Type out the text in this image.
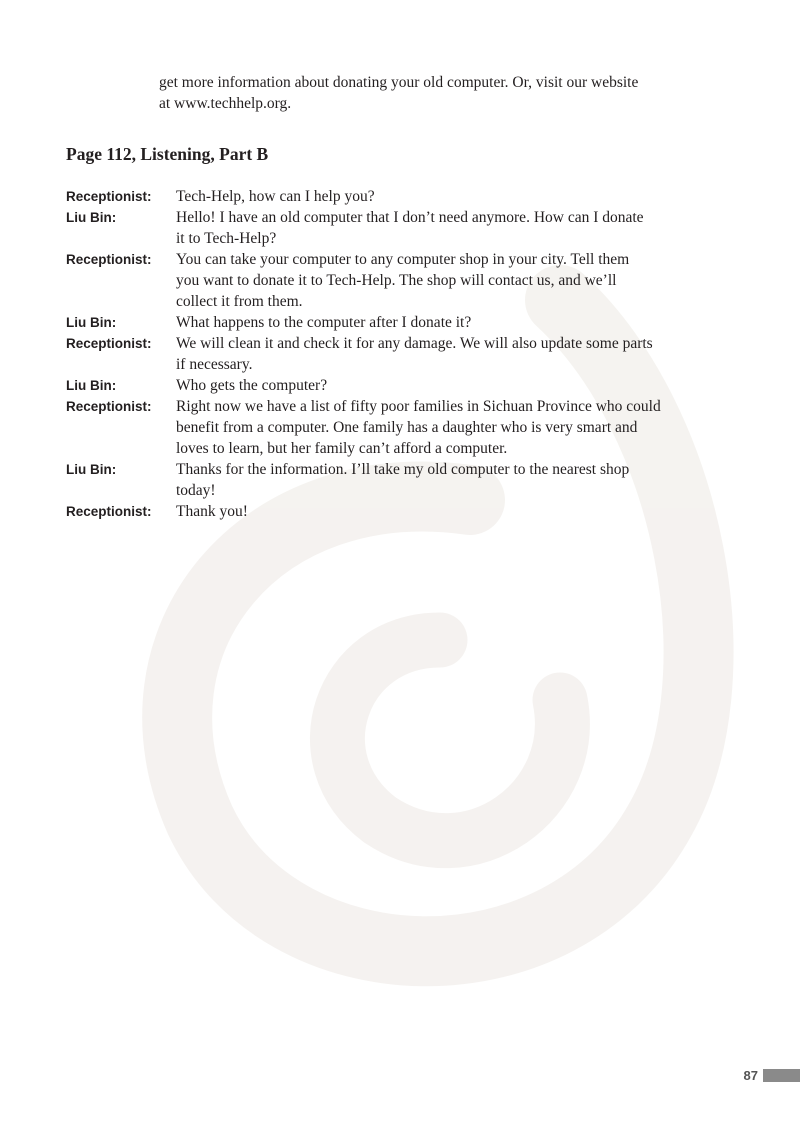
get more information about donating your old computer. Or, visit our website
at www.techhelp.org.
Page 112, Listening, Part B
Receptionist:	Tech-Help, how can I help you?
Liu Bin:	Hello! I have an old computer that I don’t need anymore. How can I donate
it to Tech-Help?
Receptionist:	You can take your computer to any computer shop in your city. Tell them
you want to donate it to Tech-Help. The shop will contact us, and we’ll
collect it from them.
Liu Bin:	What happens to the computer after I donate it?
Receptionist:	We will clean it and check it for any damage. We will also update some parts
if necessary.
Liu Bin:	Who gets the computer?
Receptionist:	Right now we have a list of fifty poor families in Sichuan Province who could
benefit from a computer. One family has a daughter who is very smart and
loves to learn, but her family can’t afford a computer.
Liu Bin:	Thanks for the information. I’ll take my old computer to the nearest shop
today!
Receptionist:	Thank you!
87
